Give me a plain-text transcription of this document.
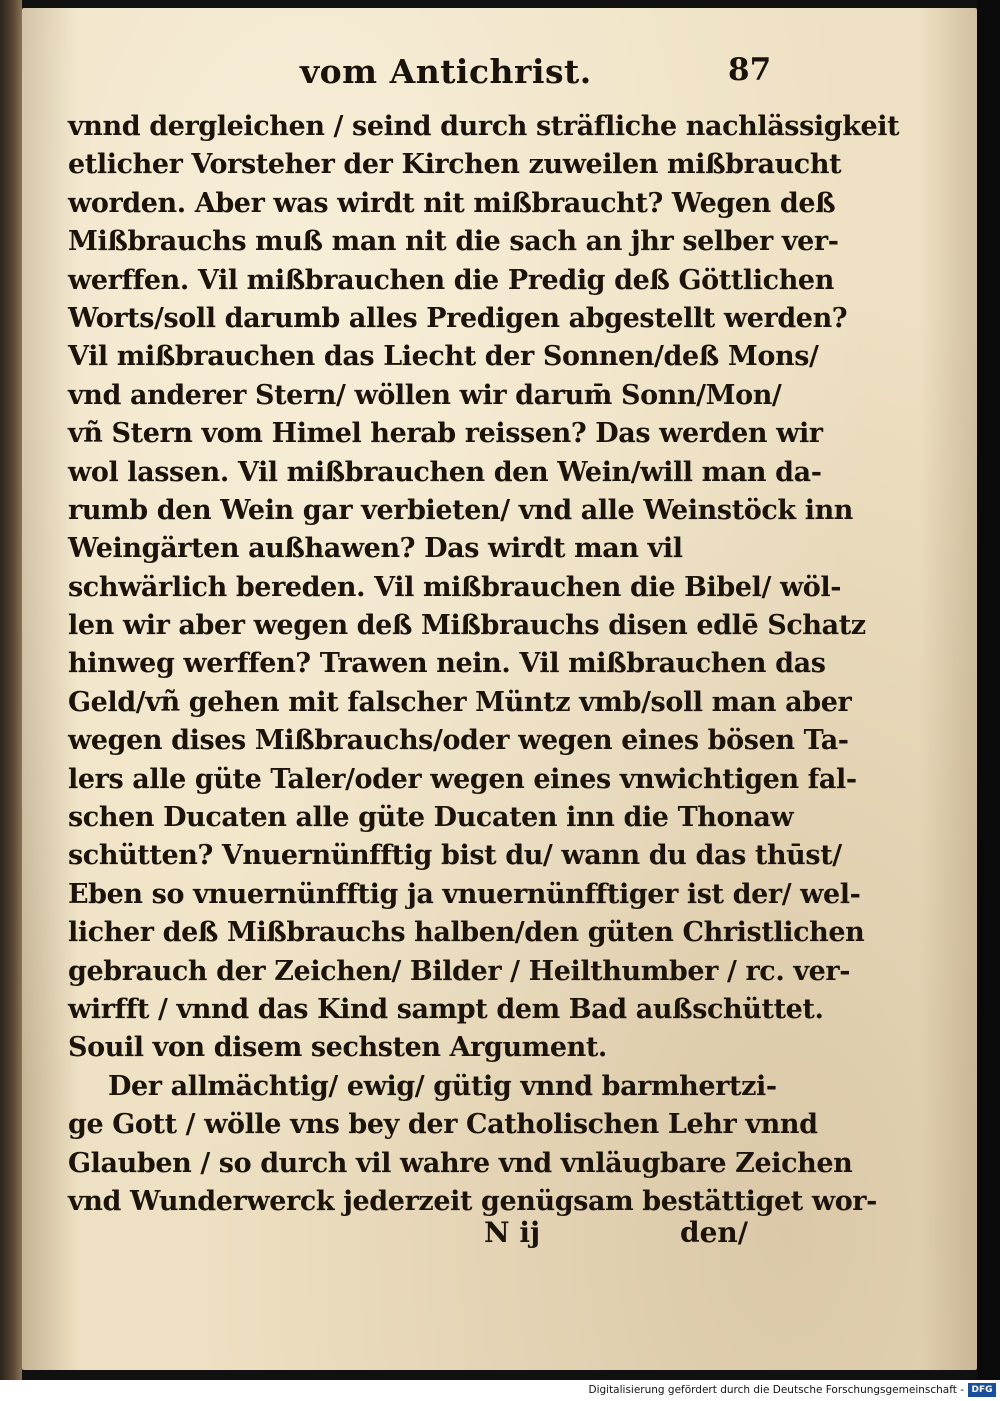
vom Antichrist.	87
vnnd dergleichen / seind durch sträfliche nachlässigkeit
etlicher Vorsteher der Kirchen zuweilen mißbraucht
worden. Aber was wirdt nit mißbraucht? Wegen deß
Mißbrauchs muß man nit die sach an jhr selber ver-
werffen. Vil mißbrauchen die Predig deß Göttlichen
Worts/soll darumb alles Predigen abgestellt werden?
Vil mißbrauchen das Liecht der Sonnen/deß Mons/
vnd anderer Stern/ wöllen wir darum̄ Sonn/Mon/
vñ Stern vom Himel herab reissen? Das werden wir
wol lassen. Vil mißbrauchen den Wein/will man da-
rumb den Wein gar verbieten/ vnd alle Weinstöck inn
Weingärten außhawen? Das wirdt man vil
schwärlich bereden. Vil mißbrauchen die Bibel/ wöl-
len wir aber wegen deß Mißbrauchs disen edlē Schatz
hinweg werffen? Trawen nein. Vil mißbrauchen das
Geld/vñ gehen mit falscher Müntz vmb/soll man aber
wegen dises Mißbrauchs/oder wegen eines bösen Ta-
lers alle güte Taler/oder wegen eines vnwichtigen fal-
schen Ducaten alle güte Ducaten inn die Thonaw
schütten? Vnuernünfftig bist du/ wann du das thūst/
Eben so vnuernünfftig ja vnuernünfftiger ist der/ wel-
licher deß Mißbrauchs halben/den güten Christlichen
gebrauch der Zeichen/ Bilder / Heilthumber / rc. ver-
wirfft / vnnd das Kind sampt dem Bad außschüttet.
Souil von disem sechsten Argument.
Der allmächtig/ ewig/ gütig vnnd barmhertzi-
ge Gott / wölle vns bey der Catholischen Lehr vnnd
Glauben / so durch vil wahre vnd vnläugbare Zeichen
vnd Wunderwerck jederzeit genügsam bestättiget wor-
N ij	den/
Digitalisierung gefördert durch die Deutsche Forschungsgemeinschaft - DFG
